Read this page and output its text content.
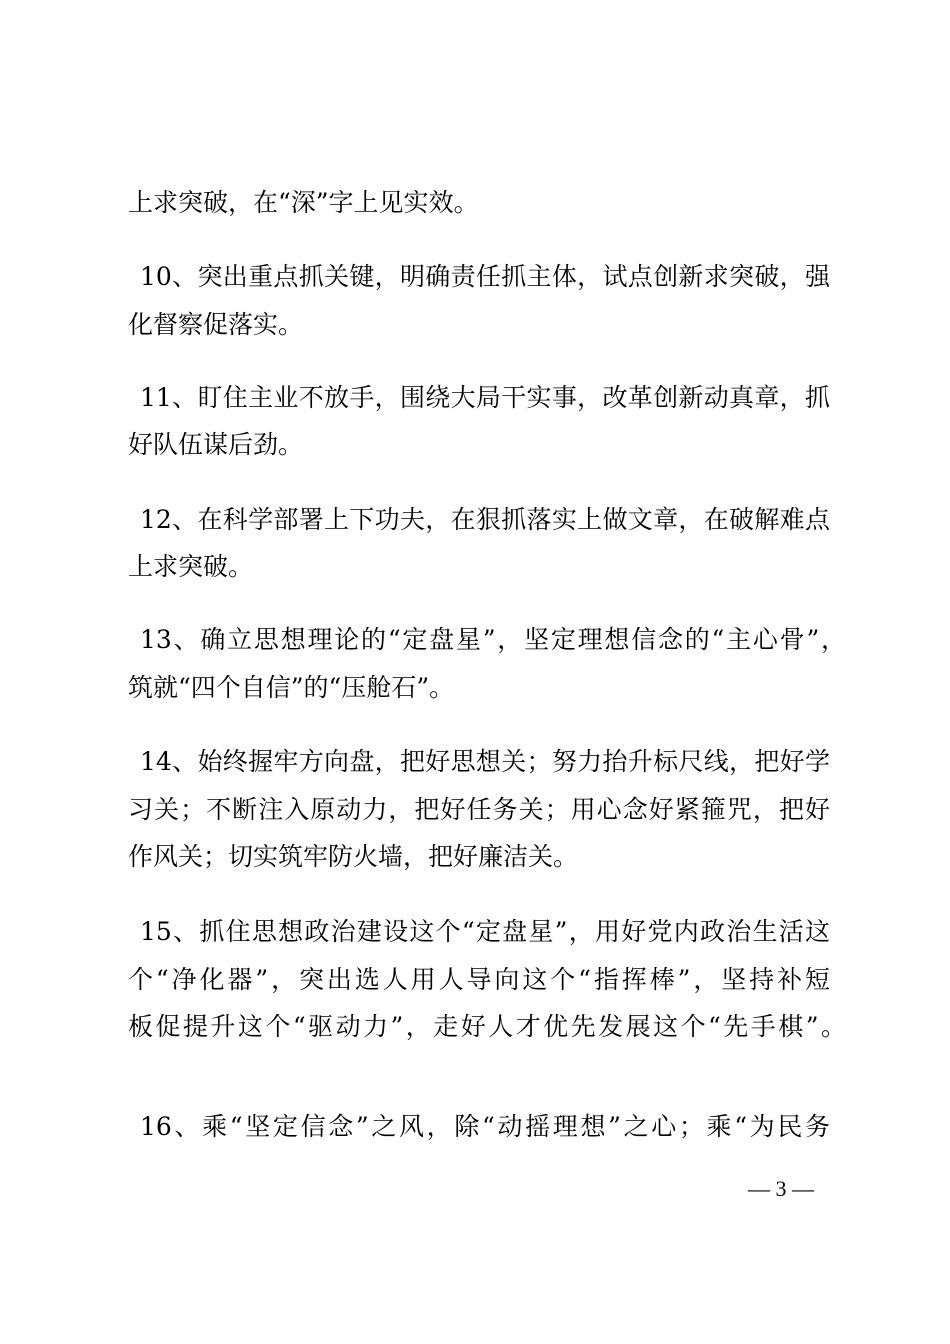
上求突破，在“深”字上见实效。
10、突出重点抓关键，明确责任抓主体，试点创新求突破，强
化督察促落实。
11、盯住主业不放手，围绕大局干实事，改革创新动真章，抓
好队伍谋后劲。
12、在科学部署上下功夫，在狠抓落实上做文章，在破解难点
上求突破。
13、确立思想理论的“定盘星”，坚定理想信念的“主心骨”，
筑就“四个自信”的“压舱石”。
14、始终握牢方向盘，把好思想关；努力抬升标尺线，把好学
习关；不断注入原动力，把好任务关；用心念好紧箍咒，把好
作风关；切实筑牢防火墙，把好廉洁关。
15、抓住思想政治建设这个“定盘星”，用好党内政治生活这
个“净化器”，突出选人用人导向这个“指挥棒”，坚持补短
板促提升这个“驱动力”，走好人才优先发展这个“先手棋”。
16、乘“坚定信念”之风，除“动摇理想”之心；乘“为民务
— 3 —
